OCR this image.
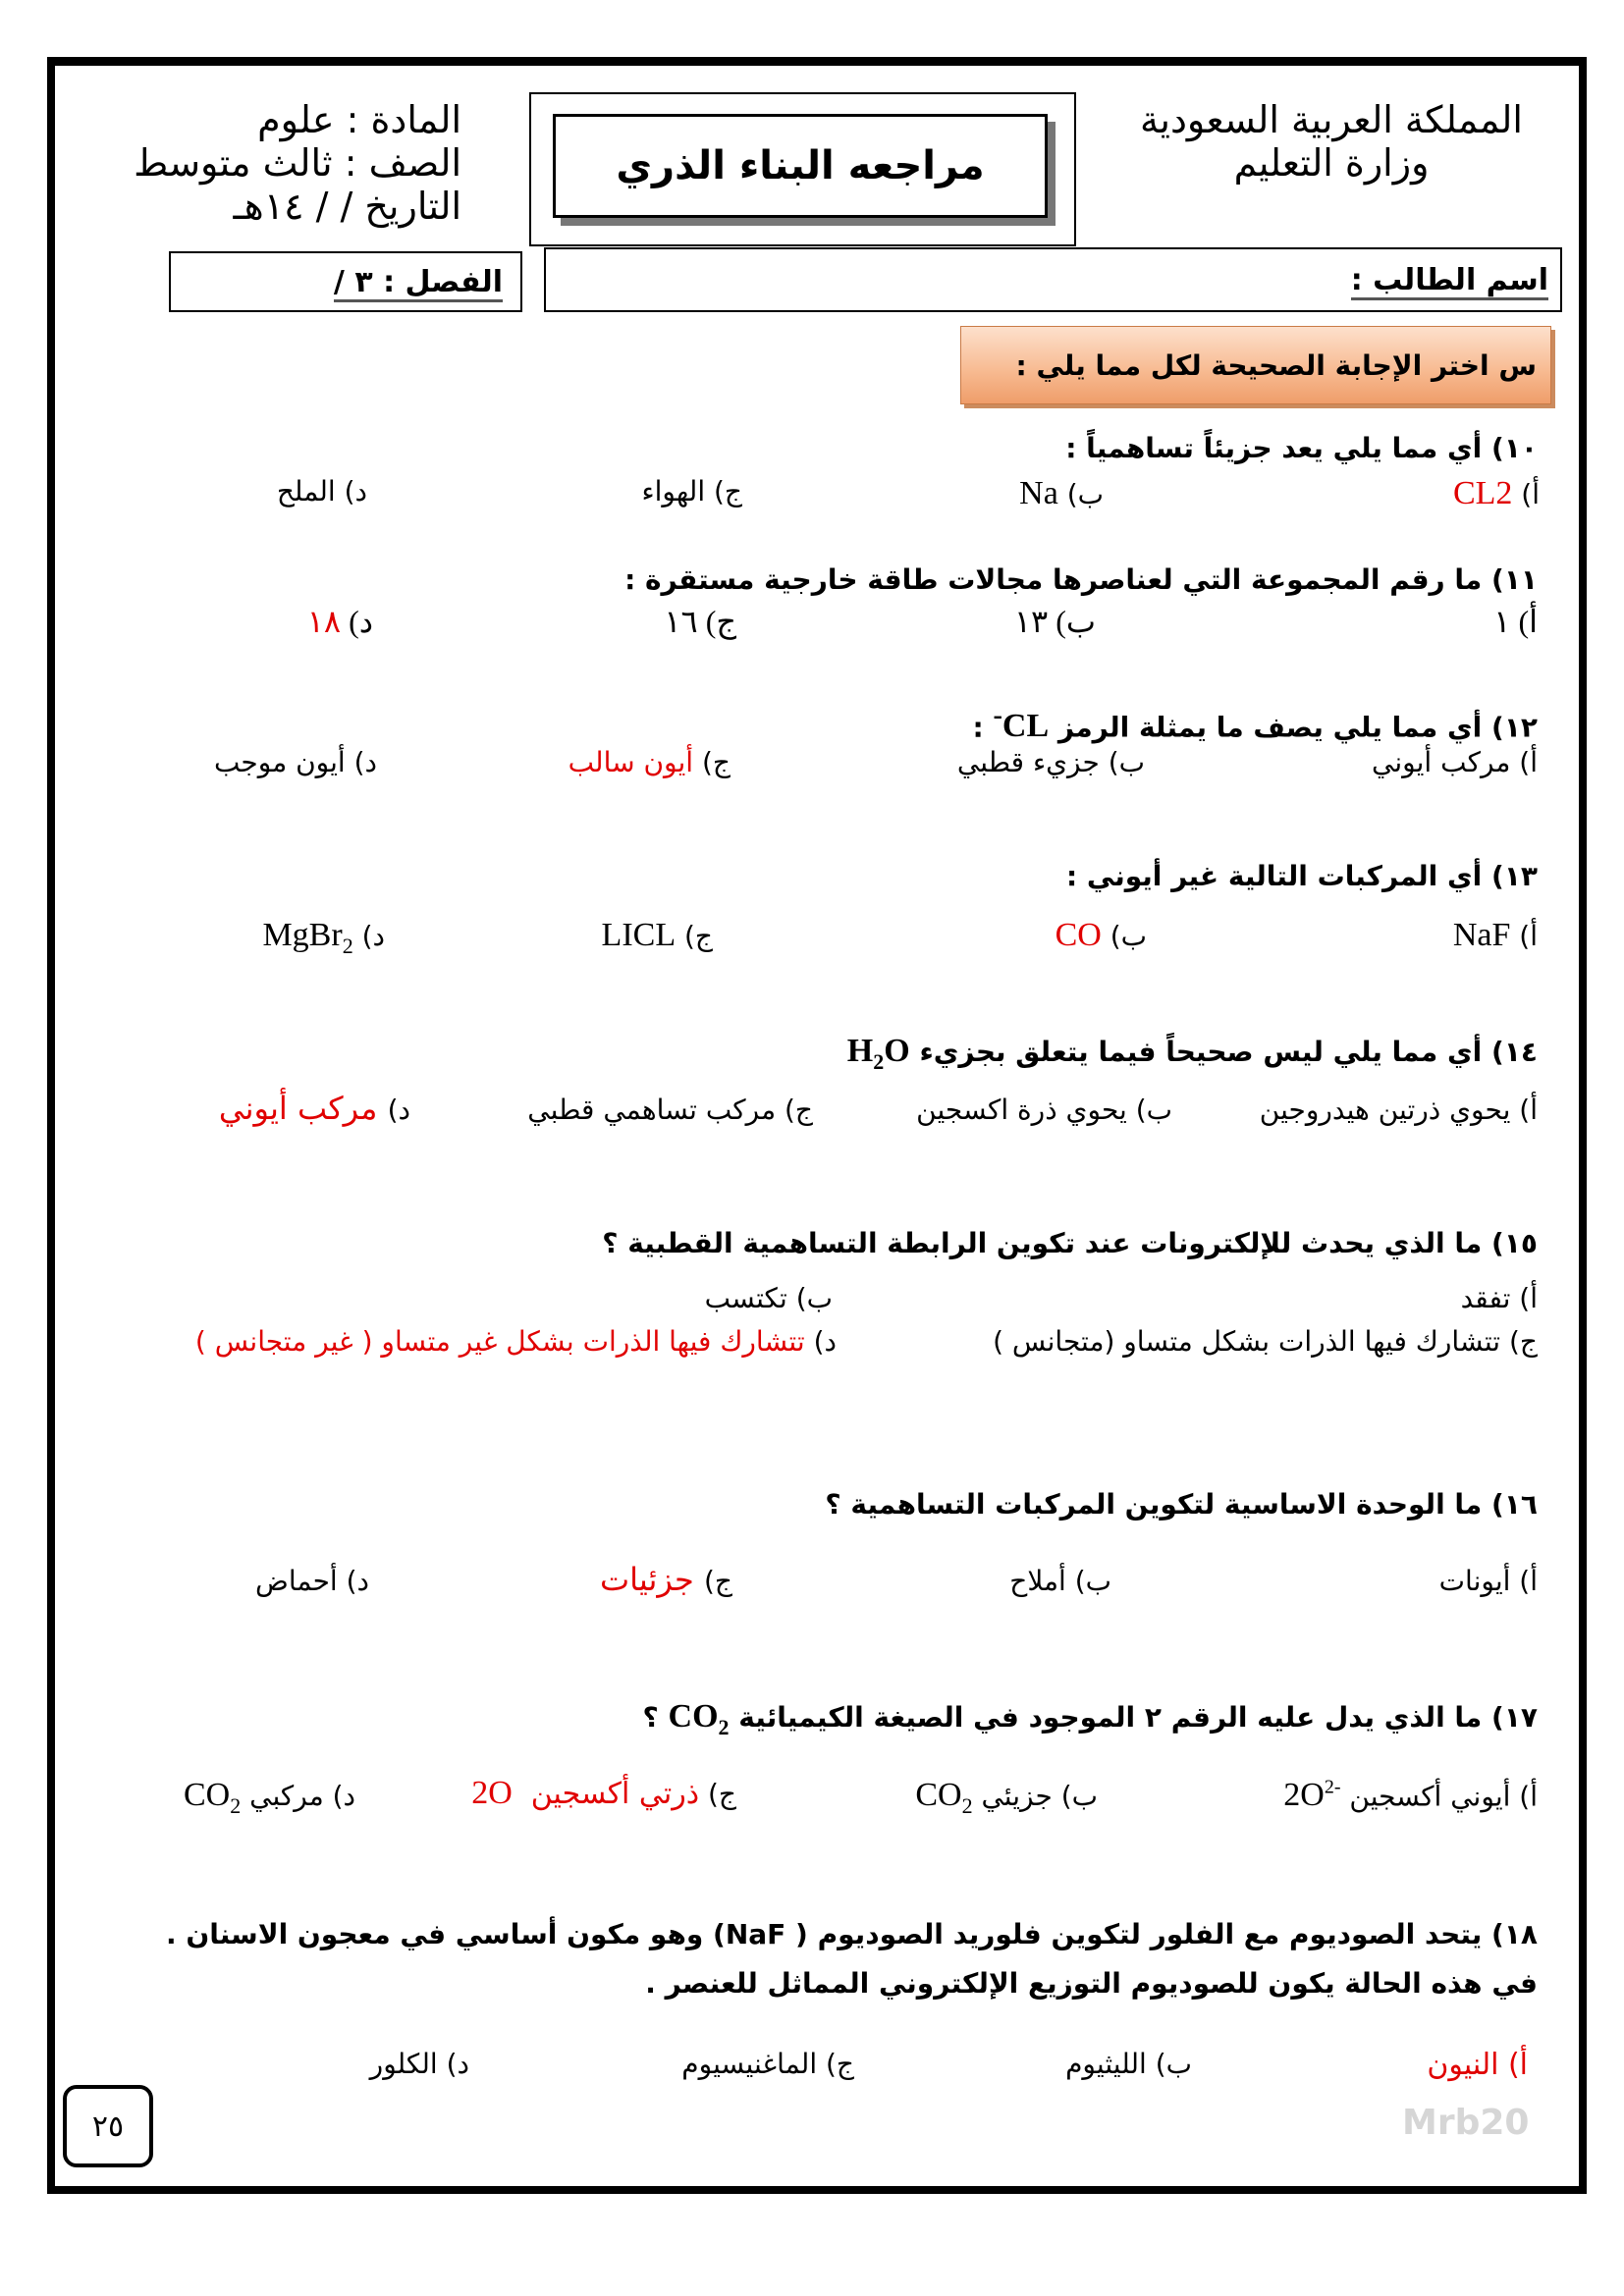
المملكة العربية السعودية
وزارة التعليم
مراجعه البناء الذري
المادة : علوم
الصف : ثالث متوسط
التاريخ / / ١٤هـ
اسم الطالب :
الفصل : ٣ /
س اختر الإجابة الصحيحة لكل مما يلي :
١٠) أي مما يلي يعد جزيئاً تساهمياً :
أ) CL2
ب) Na
ج) الهواء
د) الملح
١١) ما رقم المجموعة التي لعناصرها مجالات طاقة خارجية مستقرة :
أ) ١
ب) ١٣
ج) ١٦
د) ١٨
١٢) أي مما يلي يصف ما يمثلة الرمز CL- :
أ) مركب أيوني
ب) جزيء قطبي
ج) أيون سالب
د) أيون موجب
١٣) أي المركبات التالية غير أيوني :
أ) NaF
ب) CO
ج) LICL
د) MgBr$_2$
١٤) أي مما يلي ليس صحيحاً فيما يتعلق بجزيء $H_2O$
أ) يحوي ذرتين هيدروجين
ب) يحوي ذرة اكسجين
ج) مركب تساهمي قطبي
د) مركب أيوني
١٥) ما الذي يحدث للإلكترونات عند تكوين الرابطة التساهمية القطبية ؟
أ) تفقد
ب) تكتسب
ج) تتشارك فيها الذرات بشكل متساو (متجانس )
د) تتشارك فيها الذرات بشكل غير متساو ( غير متجانس )
١٦) ما الوحدة الاساسية لتكوين المركبات التساهمية ؟
أ) أيونات
ب) أملاح
ج) جزئيات
د) أحماض
١٧) ما الذي يدل عليه الرقم ٢ الموجود في الصيغة الكيميائية $CO_2$ ؟
أ) أيوني أكسجين $2O^{2-}$
ب) جزيئي $CO_2$
ج) ذرتي أكسجين 2O
د) مركبي $CO_2$
١٨) يتحد الصوديوم مع الفلور لتكوين فلوريد الصوديوم ( NaF) وهو مكون أساسي في معجون الاسنان .
في هذه الحالة يكون للصوديوم التوزيع الإلكتروني المماثل للعنصر .
أ) النيون
ب) الليثيوم
ج) الماغنيسيوم
د) الكلور
٢٥	Mrb20
